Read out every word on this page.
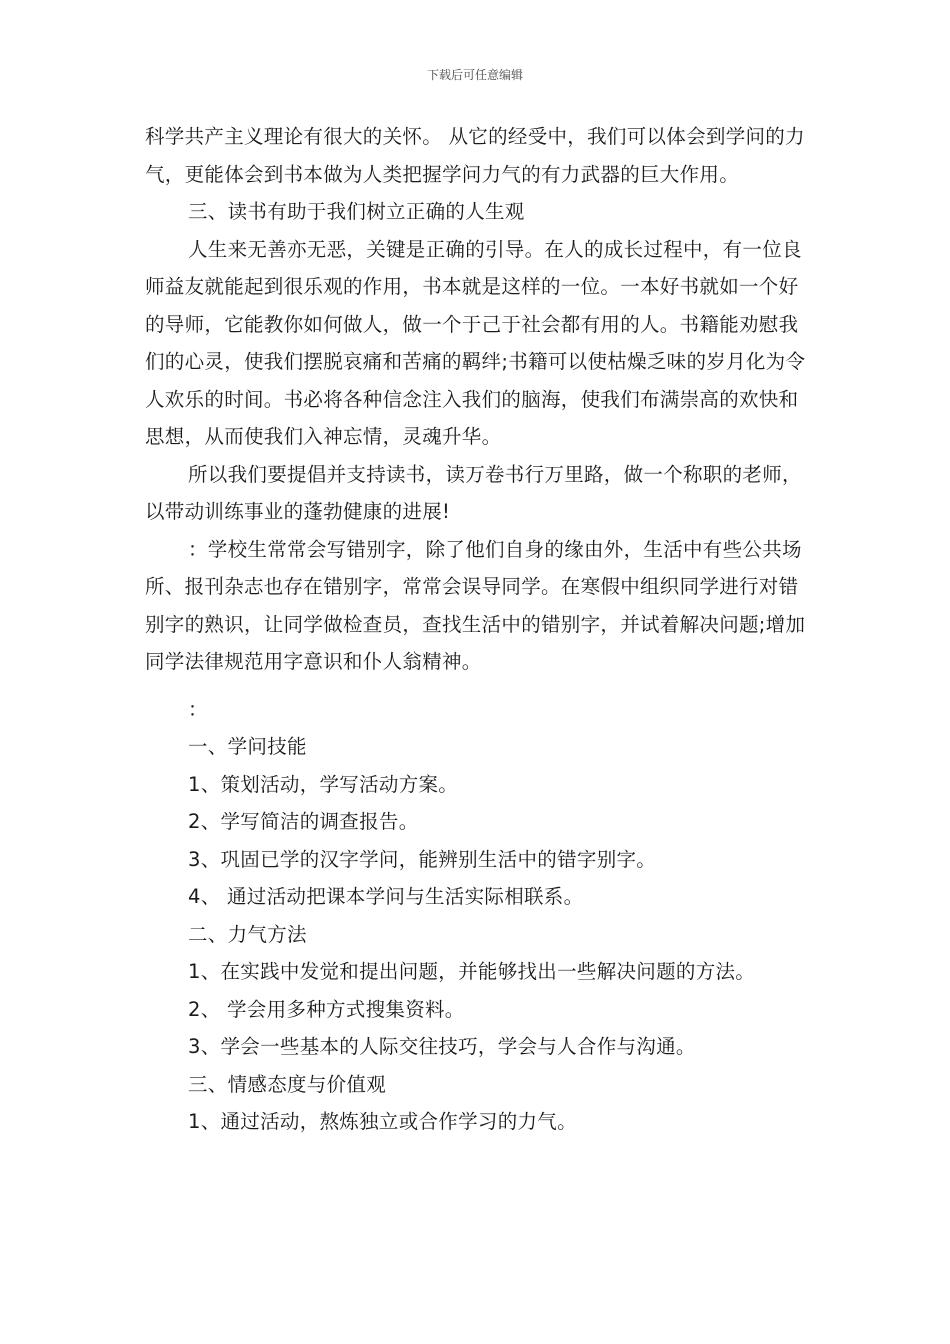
下载后可任意编辑

科学共产主义理论有很大的关怀。 从它的经受中，我们可以体会到学问的力气，更能体会到书本做为人类把握学问力气的有力武器的巨大作用。

三、读书有助于我们树立正确的人生观

人生来无善亦无恶，关键是正确的引导。在人的成长过程中，有一位良师益友就能起到很乐观的作用，书本就是这样的一位。一本好书就如一个好的导师，它能教你如何做人，做一个于己于社会都有用的人。书籍能劝慰我们的心灵，使我们摆脱哀痛和苦痛的羁绊;书籍可以使枯燥乏味的岁月化为令人欢乐的时间。书必将各种信念注入我们的脑海，使我们布满崇高的欢快和思想，从而使我们入神忘情，灵魂升华。

所以我们要提倡并支持读书，读万卷书行万里路，做一个称职的老师，以带动训练事业的蓬勃健康的进展!

：学校生常常会写错别字，除了他们自身的缘由外，生活中有些公共场所、报刊杂志也存在错别字，常常会误导同学。在寒假中组织同学进行对错别字的熟识，让同学做检查员，查找生活中的错别字，并试着解决问题;增加同学法律规范用字意识和仆人翁精神。

：

一、学问技能

1、策划活动，学写活动方案。

2、学写简洁的调查报告。

3、巩固已学的汉字学问，能辨别生活中的错字别字。

4、 通过活动把课本学问与生活实际相联系。

二、力气方法

1、在实践中发觉和提出问题，并能够找出一些解决问题的方法。

2、 学会用多种方式搜集资料。

3、学会一些基本的人际交往技巧，学会与人合作与沟通。

三、情感态度与价值观

1、通过活动，熬炼独立或合作学习的力气。
